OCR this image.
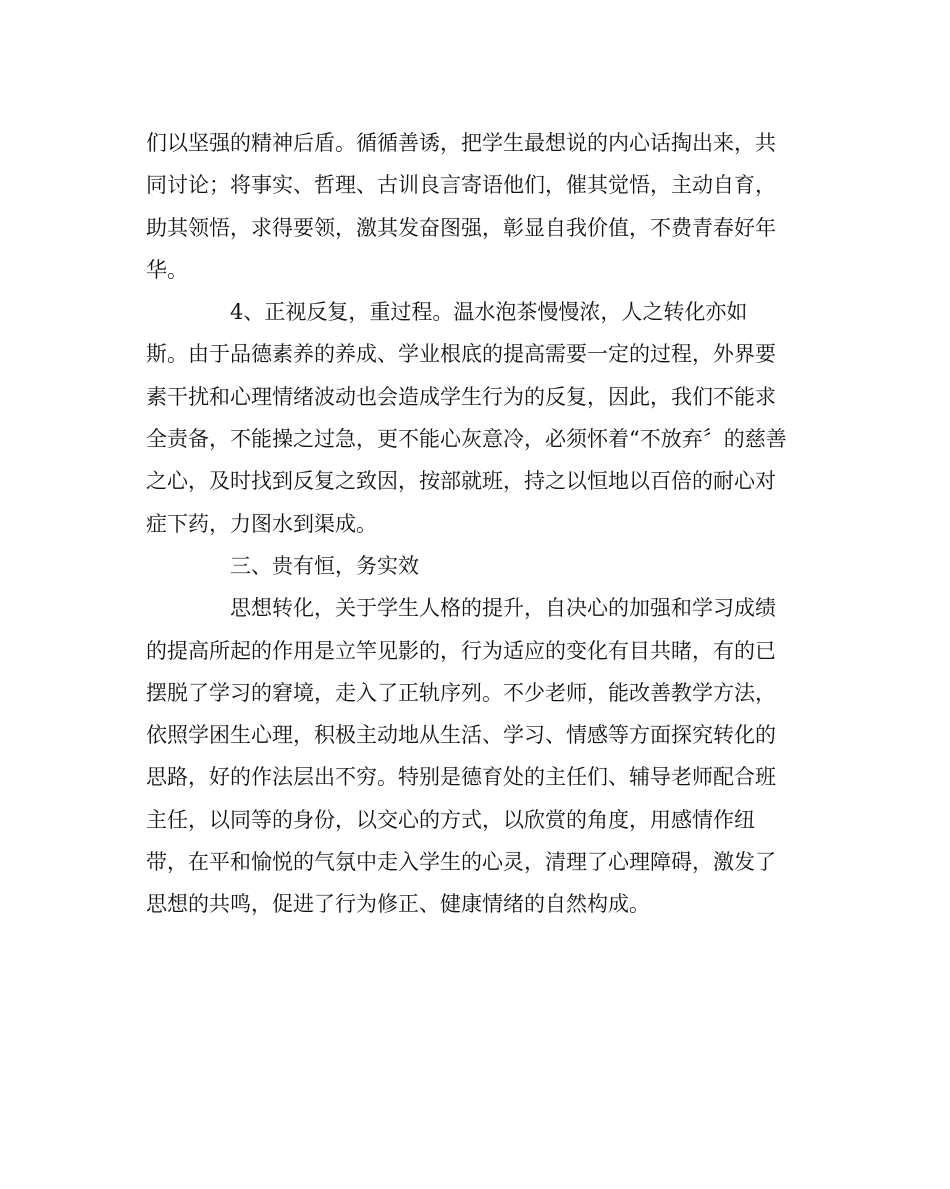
们以坚强的精神后盾。循循善诱，把学生最想说的内心话掏出来，共

同讨论；将事实、哲理、古训良言寄语他们，催其觉悟，主动自育，

助其领悟，求得要领，激其发奋图强，彰显自我价值，不费青春好年

华。

4、正视反复，重过程。温水泡茶慢慢浓，人之转化亦如

斯。由于品德素养的养成、学业根底的提高需要一定的过程，外界要

素干扰和心理情绪波动也会造成学生行为的反复，因此，我们不能求

全责备，不能操之过急，更不能心灰意冷，必须怀着“不放弃〞的慈善

之心，及时找到反复之致因，按部就班，持之以恒地以百倍的耐心对

症下药，力图水到渠成。

三、贵有恒，务实效

思想转化，关于学生人格的提升，自决心的加强和学习成绩

的提高所起的作用是立竿见影的，行为适应的变化有目共睹，有的已

摆脱了学习的窘境，走入了正轨序列。不少老师，能改善教学方法，

依照学困生心理，积极主动地从生活、学习、情感等方面探究转化的

思路，好的作法层出不穷。特别是德育处的主任们、辅导老师配合班

主任，以同等的身份，以交心的方式，以欣赏的角度，用感情作纽

带，在平和愉悦的气氛中走入学生的心灵，清理了心理障碍，激发了

思想的共鸣，促进了行为修正、健康情绪的自然构成。
